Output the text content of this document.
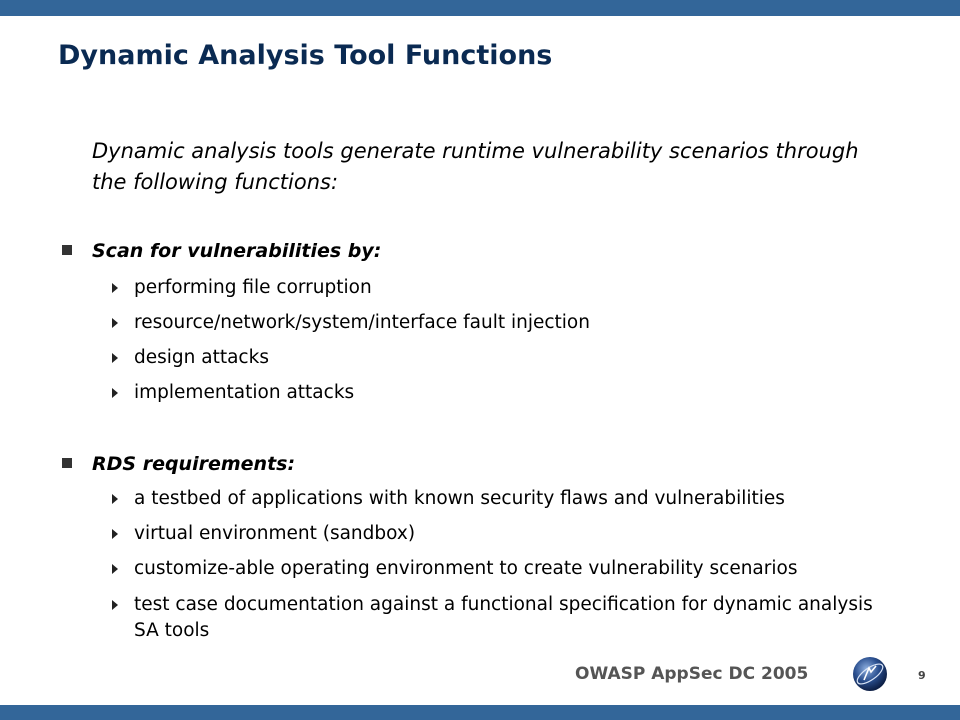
Dynamic Analysis Tool Functions
Dynamic analysis tools generate runtime vulnerability scenarios through the following functions:
Scan for vulnerabilities by:
performing file corruption
resource/network/system/interface fault injection
design attacks
implementation attacks
RDS requirements:
a testbed of applications with known security flaws and vulnerabilities
virtual environment (sandbox)
customize-able operating environment to create vulnerability scenarios
test case documentation against a functional specification for dynamic analysis SA tools
OWASP AppSec DC 2005	9
